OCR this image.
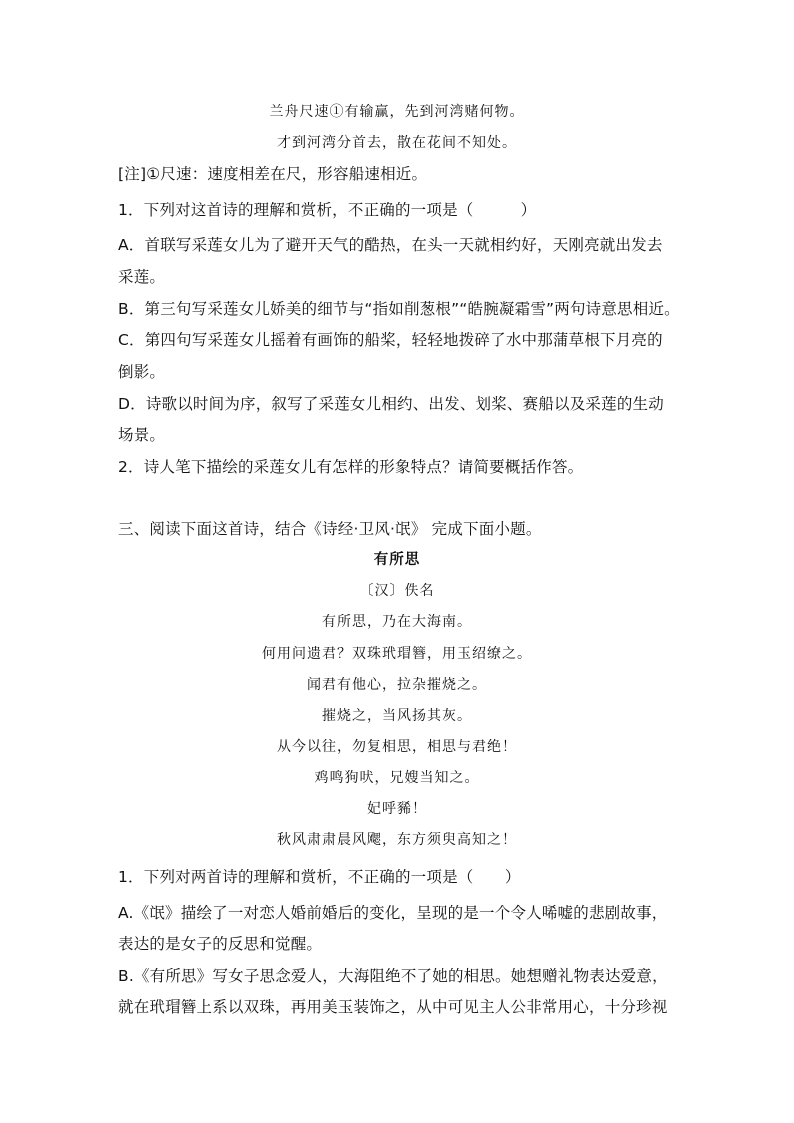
兰舟尺速①有输赢，先到河湾赌何物。
才到河湾分首去，散在花间不知处。
[注]①尺速：速度相差在尺，形容船速相近。
1．下列对这首诗的理解和赏析，不正确的一项是（　　　）
A．首联写采莲女儿为了避开天气的酷热，在头一天就相约好，天刚亮就出发去
采莲。
B．第三句写采莲女儿娇美的细节与“指如削葱根”“皓腕凝霜雪”两句诗意思相近。
C．第四句写采莲女儿摇着有画饰的船桨，轻轻地拨碎了水中那蒲草根下月亮的
倒影。
D．诗歌以时间为序，叙写了采莲女儿相约、出发、划桨、赛船以及采莲的生动
场景。
2．诗人笔下描绘的采莲女儿有怎样的形象特点？请简要概括作答。
三、阅读下面这首诗，结合《诗经·卫风·氓》 完成下面小题。
有所思
〔汉〕佚名
有所思，乃在大海南。
何用问遗君？双珠玳瑁簪，用玉绍缭之。
闻君有他心，拉杂摧烧之。
摧烧之，当风扬其灰。
从今以往，勿复相思，相思与君绝！
鸡鸣狗吠，兄嫂当知之。
妃呼豨！
秋风肃肃晨风飔，东方须臾高知之！
1．下列对两首诗的理解和赏析，不正确的一项是（　　）
A.《氓》描绘了一对恋人婚前婚后的变化，呈现的是一个令人唏嘘的悲剧故事，
表达的是女子的反思和觉醒。
B.《有所思》写女子思念爱人，大海阻绝不了她的相思。她想赠礼物表达爱意，
就在玳瑁簪上系以双珠，再用美玉装饰之，从中可见主人公非常用心，十分珍视
